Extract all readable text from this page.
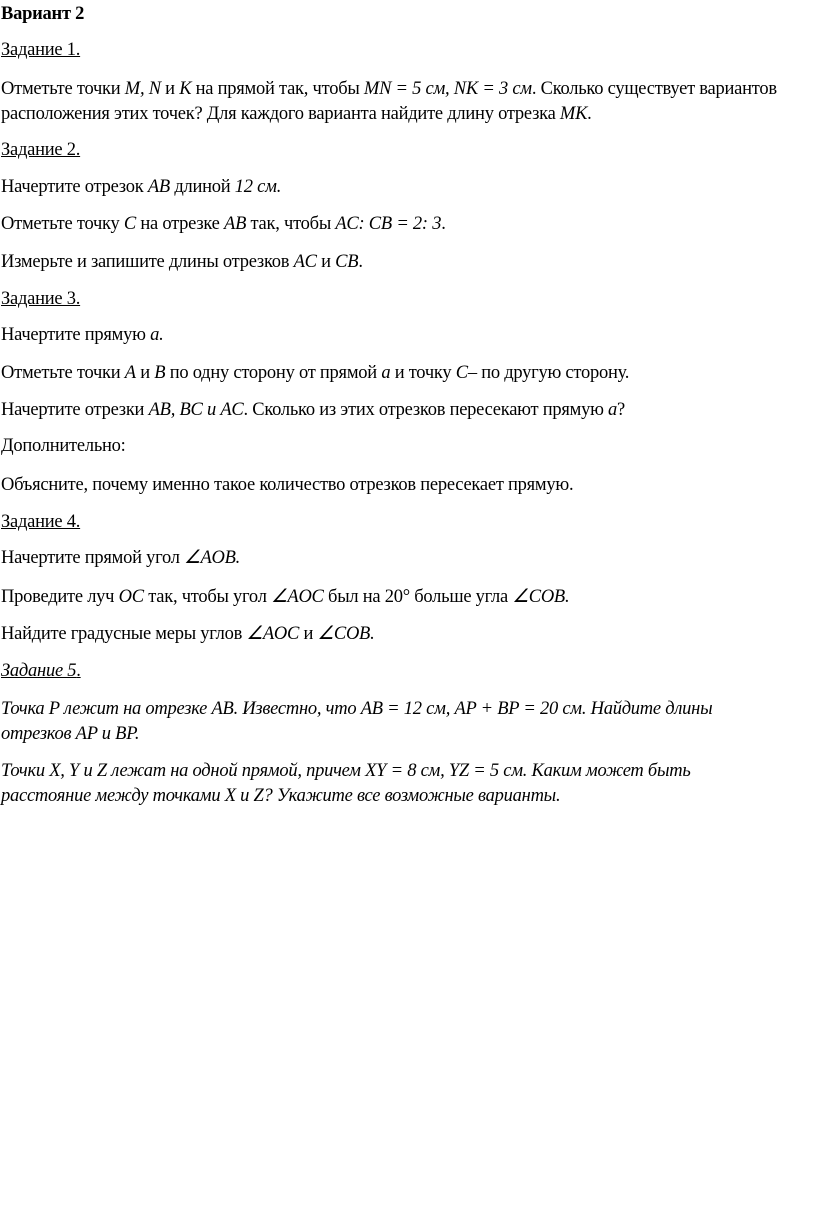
Вариант 2
Задание 1.
Отметьте точки M, N и K на прямой так, чтобы MN = 5 см, NK = 3 см. Сколько существует вариантов
расположения этих точек? Для каждого варианта найдите длину отрезка MK.
Задание 2.
Начертите отрезок AB длиной 12 см.
Отметьте точку C на отрезке AB так, чтобы AC: CB = 2: 3.
Измерьте и запишите длины отрезков AC и CB.
Задание 3.
Начертите прямую a.
Отметьте точки A и B по одну сторону от прямой a и точку C– по другую сторону.
Начертите отрезки AB, BC и AC. Сколько из этих отрезков пересекают прямую a?
Дополнительно:
Объясните, почему именно такое количество отрезков пересекает прямую.
Задание 4.
Начертите прямой угол ∠AOB.
Проведите луч OC так, чтобы угол ∠AOC был на 20° больше угла ∠COB.
Найдите градусные меры углов ∠AOC и ∠COB.
Задание 5.
Точка P лежит на отрезке AB. Известно, что AB = 12 см, AP + BP = 20 см. Найдите длины
отрезков AP и BP.
Точки X, Y и Z лежат на одной прямой, причем XY = 8 см, YZ = 5 см. Каким может быть
расстояние между точками X и Z? Укажите все возможные варианты.
